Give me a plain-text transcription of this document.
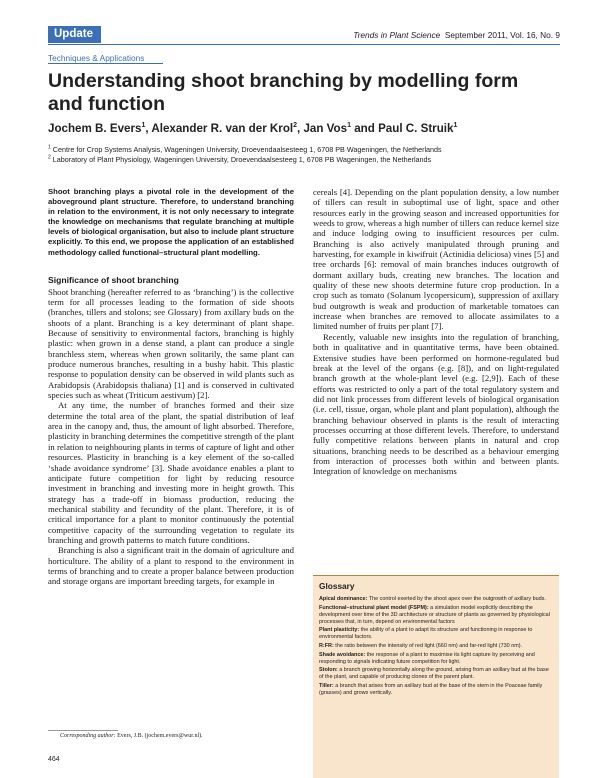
Update	Trends in Plant Science September 2011, Vol. 16, No. 9
Techniques & Applications
Understanding shoot branching by modelling form and function
Jochem B. Evers$^1$, Alexander R. van der Krol$^2$, Jan Vos$^1$ and Paul C. Struik$^1$
$^1$ Centre for Crop Systems Analysis, Wageningen University, Droevendaalsesteeg 1, 6708 PB Wageningen, the Netherlands
$^2$ Laboratory of Plant Physiology, Wageningen University, Droevendaalsesteeg 1, 6708 PB Wageningen, the Netherlands

Shoot branching plays a pivotal role in the development of the aboveground plant structure. Therefore, to understand branching in relation to the environment, it is not only necessary to integrate the knowledge on mechanisms that regulate branching at multiple levels of biological organisation, but also to include plant structure explicitly. To this end, we propose the application of an established methodology called functional–structural plant modelling.

Significance of shoot branching

Shoot branching (hereafter referred to as ‘branching’) is the collective term for all processes leading to the formation of side shoots (branches, tillers and stolons; see Glossary) from axillary buds on the shoots of a plant. Branching is a key determinant of plant shape. Because of sensitivity to environmental factors, branching is highly plastic: when grown in a dense stand, a plant can produce a single branchless stem, whereas when grown solitarily, the same plant can produce numerous branches, resulting in a bushy habit. This plastic response to population density can be observed in wild plants such as Arabidopsis (Arabidopsis thaliana) [1] and is conserved in cultivated species such as wheat (Triticum aestivum) [2].

At any time, the number of branches formed and their size determine the total area of the plant, the spatial distribution of leaf area in the canopy and, thus, the amount of light absorbed. Therefore, plasticity in branching determines the competitive strength of the plant in relation to neighbouring plants in terms of capture of light and other resources. Plasticity in branching is a key element of the so-called ‘shade avoidance syndrome’ [3]. Shade avoidance enables a plant to anticipate future competition for light by reducing resource investment in branching and investing more in height growth. This strategy has a trade-off in biomass production, reducing the mechanical stability and fecundity of the plant. Therefore, it is of critical importance for a plant to monitor continuously the potential competitive capacity of the surrounding vegetation to regulate its branching and growth patterns to match future conditions.

Branching is also a significant trait in the domain of agriculture and horticulture. The ability of a plant to respond to the environment in terms of branching and to create a proper balance between production and storage organs are important breeding targets, for example in

cereals [4]. Depending on the plant population density, a low number of tillers can result in suboptimal use of light, space and other resources early in the growing season and increased opportunities for weeds to grow, whereas a high number of tillers can reduce kernel size and induce lodging owing to insufficient resources per culm. Branching is also actively manipulated through pruning and harvesting, for example in kiwifruit (Actinidia deliciosa) vines [5] and tree orchards [6]: removal of main branches induces outgrowth of dormant axillary buds, creating new branches. The location and quality of these new shoots determine future crop production. In a crop such as tomato (Solanum lycopersicum), suppression of axillary bud outgrowth is weak and production of marketable tomatoes can increase when branches are removed to allocate assimilates to a limited number of fruits per plant [7].

Recently, valuable new insights into the regulation of branching, both in qualitative and in quantitative terms, have been obtained. Extensive studies have been performed on hormone-regulated bud break at the level of the organs (e.g. [8]), and on light-regulated branch growth at the whole-plant level (e.g. [2,9]). Each of these efforts was restricted to only a part of the total regulatory system and did not link processes from different levels of biological organisation (i.e. cell, tissue, organ, whole plant and plant population), although the branching behaviour observed in plants is the result of interacting processes occurring at those different levels. Therefore, to understand fully competitive relations between plants in natural and crop situations, branching needs to be described as a behaviour emerging from interaction of processes both within and between plants. Integration of knowledge on mechanisms

Glossary
Apical dominance: The control exerted by the shoot apex over the outgrowth of axillary buds.
Functional–structural plant model (FSPM): a simulation model explicitly describing the development over time of the 3D architecture or structure of plants as governed by physiological processes that, in turn, depend on environmental factors
Plant plasticity: the ability of a plant to adapt its structure and functioning in response to environmental factors.
R:FR: the ratio between the intensity of red light (660 nm) and far-red light (730 nm).
Shade avoidance: the response of a plant to maximise its light capture by perceiving and responding to signals indicating future competition for light.
Stolon: a branch growing horizontally along the ground, arising from an axillary bud at the base of the plant, and capable of producing clones of the parent plant.
Tiller: a branch that arises from an axillary bud at the base of the stem in the Poaceae family (grasses) and grows vertically.
Corresponding author: Evers, J.B. (jochem.evers@wur.nl).
464
